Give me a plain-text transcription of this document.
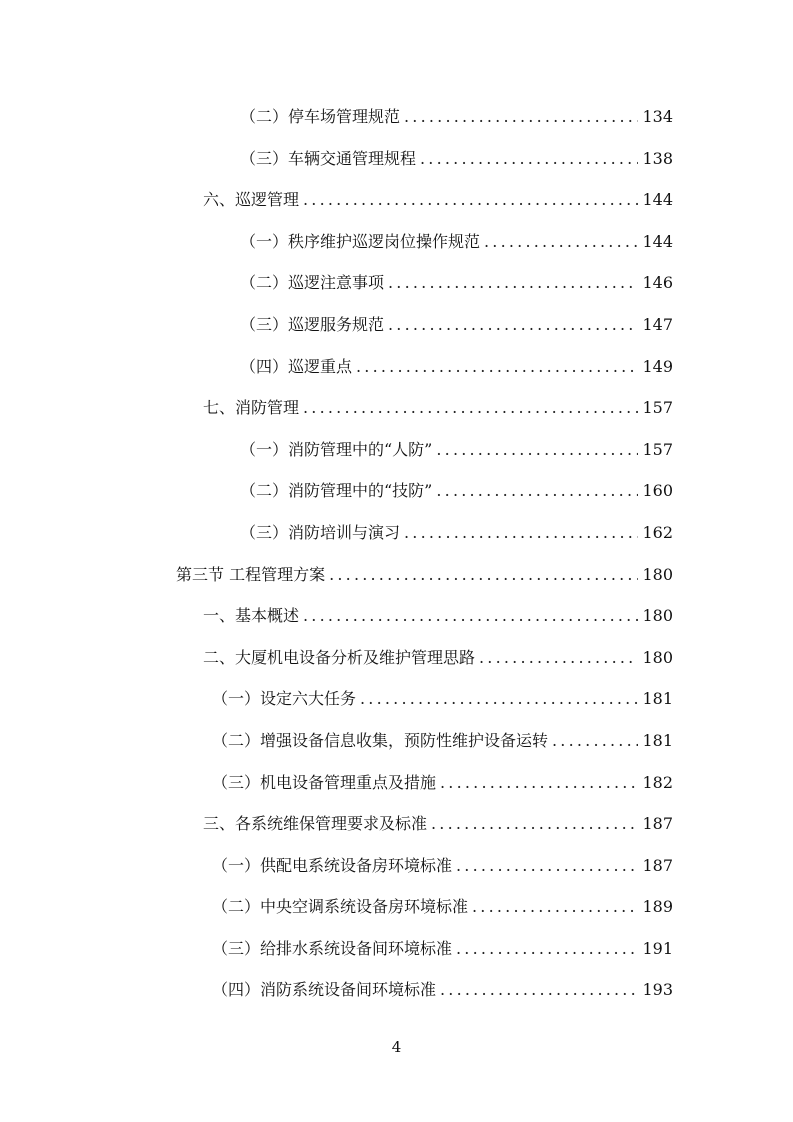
（二）停车场管理规范 .....	134
（三）车辆交通管理规程 .....	138
六、巡逻管理 .....	144
（一）秩序维护巡逻岗位操作规范 .....	144
（二）巡逻注意事项 .....	146
（三）巡逻服务规范 .....	147
（四）巡逻重点 .....	149
七、消防管理 .....	157
（一）消防管理中的“人防” .....	157
（二）消防管理中的“技防” .....	160
（三）消防培训与演习 .....	162
第三节 工程管理方案 .....	180
一、基本概述 .....	180
二、大厦机电设备分析及维护管理思路 .....	180
（一）设定六大任务 .....	181
（二）增强设备信息收集，预防性维护设备运转 .....	181
（三）机电设备管理重点及措施 .....	182
三、各系统维保管理要求及标准 .....	187
（一）供配电系统设备房环境标准 .....	187
（二）中央空调系统设备房环境标准 .....	189
（三）给排水系统设备间环境标准 .....	191
（四）消防系统设备间环境标准 .....	193
4
